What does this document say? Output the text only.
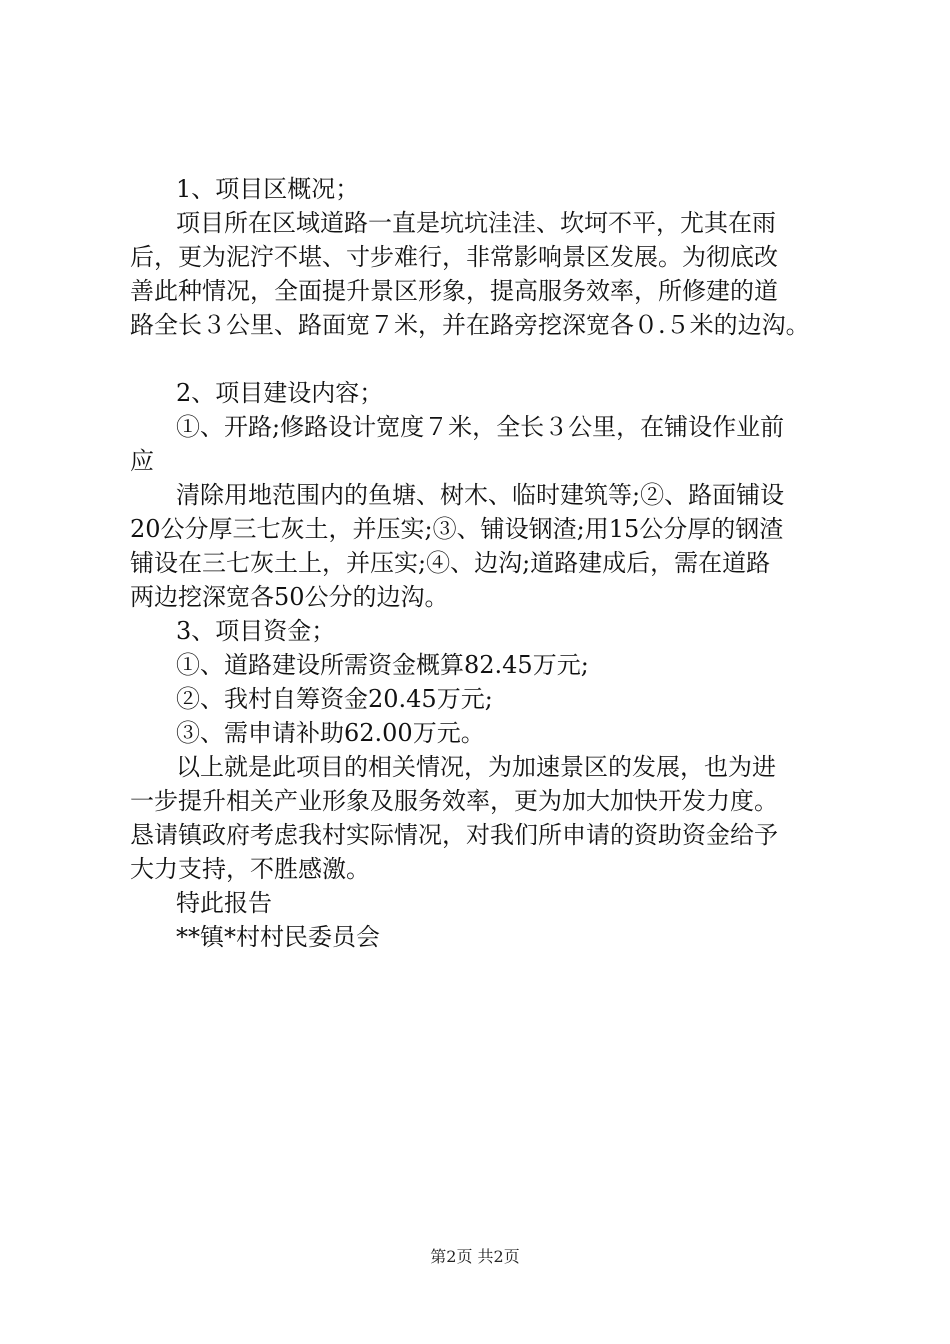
1、项目区概况；

项目所在区域道路一直是坑坑洼洼、坎坷不平，尤其在雨

后，更为泥泞不堪、寸步难行，非常影响景区发展。为彻底改

善此种情况，全面提升景区形象，提高服务效率，所修建的道

路全长３公里、路面宽７米，并在路旁挖深宽各０.５米的边沟。

2、项目建设内容；

①、开路;修路设计宽度７米，全长３公里，在铺设作业前

应

清除用地范围内的鱼塘、树木、临时建筑等;②、路面铺设

20公分厚三七灰土，并压实;③、铺设钢渣;用15公分厚的钢渣

铺设在三七灰土上，并压实;④、边沟;道路建成后，需在道路

两边挖深宽各50公分的边沟。

3、项目资金；

①、道路建设所需资金概算82.45万元;

②、我村自筹资金20.45万元;

③、需申请补助62.00万元。

以上就是此项目的相关情况，为加速景区的发展，也为进

一步提升相关产业形象及服务效率，更为加大加快开发力度。

恳请镇政府考虑我村实际情况，对我们所申请的资助资金给予

大力支持，不胜感激。

特此报告

**镇*村村民委员会

第2页 共2页
